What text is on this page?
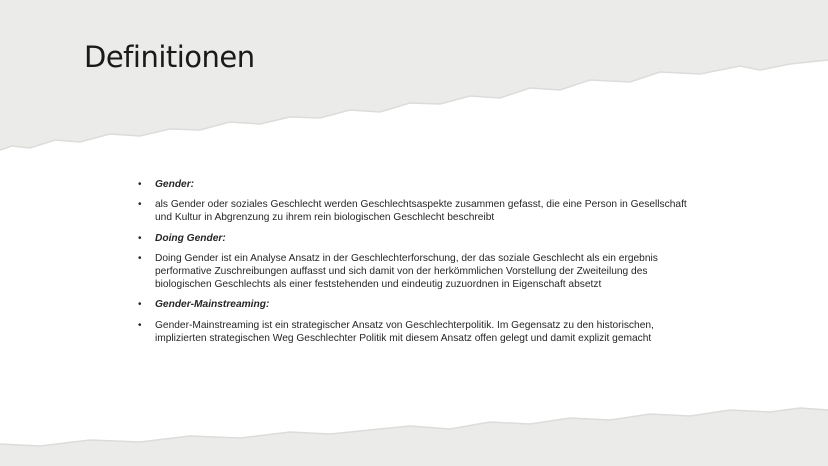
Definitionen
• Gender:
• als Gender oder soziales Geschlecht werden Geschlechtsaspekte zusammen gefasst, die eine Person in Gesellschaft und Kultur in Abgrenzung zu ihrem rein biologischen Geschlecht beschreibt
• Doing Gender:
• Doing Gender ist ein Analyse Ansatz in der Geschlechterforschung, der das soziale Geschlecht als ein ergebnis performative Zuschreibungen auffasst und sich damit von der herkömmlichen Vorstellung der Zweiteilung des biologischen Geschlechts als einer feststehenden und eindeutig zuzuordnen in Eigenschaft absetzt
• Gender-Mainstreaming:
• Gender-Mainstreaming ist ein strategischer Ansatz von Geschlechterpolitik. Im Gegensatz zu den historischen, implizierten strategischen Weg Geschlechter Politik mit diesem Ansatz offen gelegt und damit explizit gemacht
